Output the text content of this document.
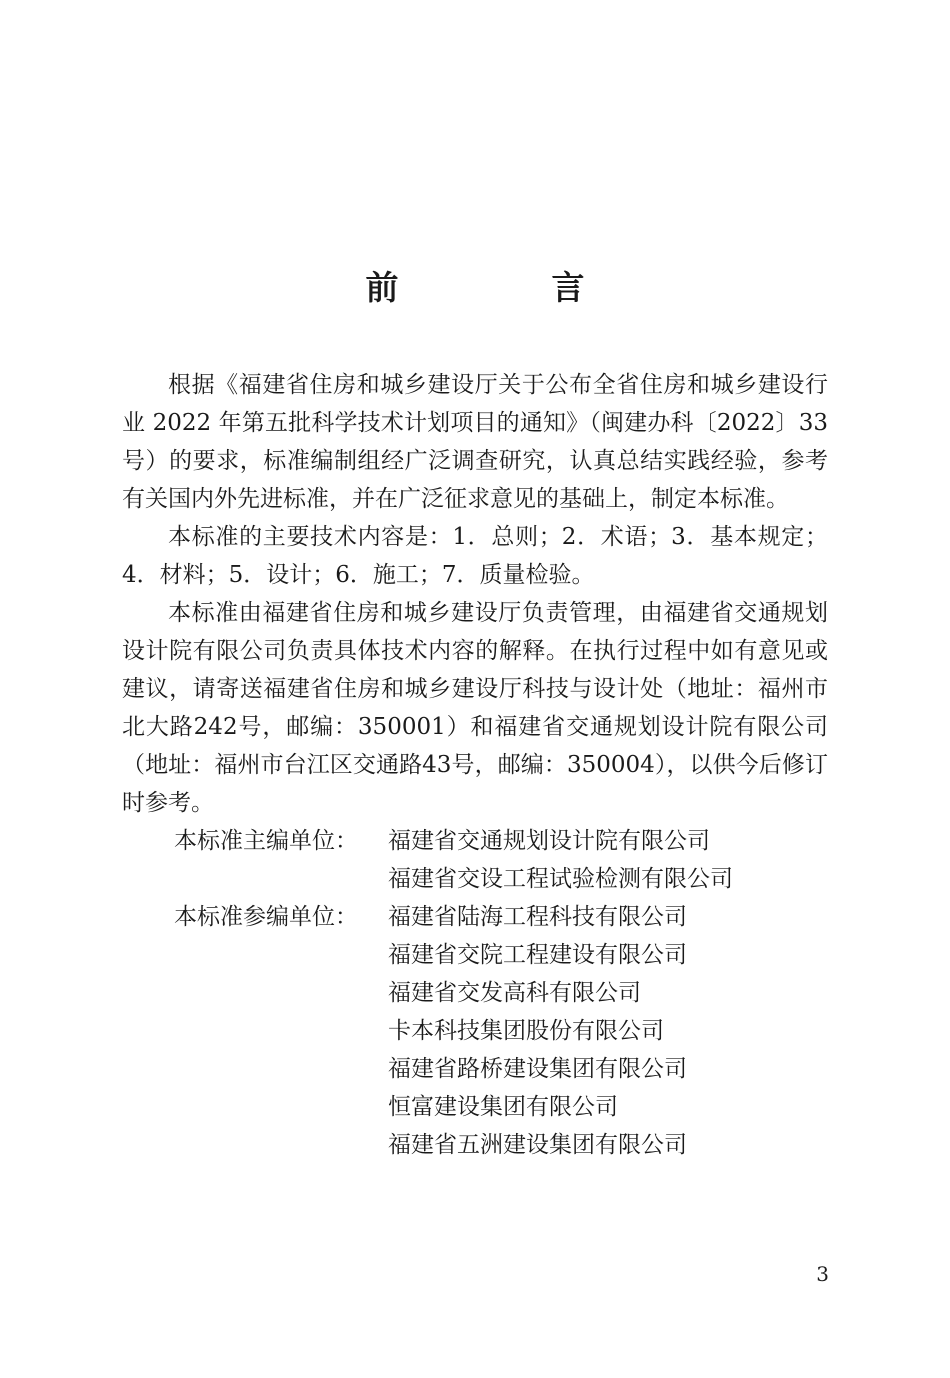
前　言

根据《福建省住房和城乡建设厅关于公布全省住房和城乡建设行业 2022 年第五批科学技术计划项目的通知》（闽建办科〔2022〕33 号）的要求，标准编制组经广泛调查研究，认真总结实践经验，参考有关国内外先进标准，并在广泛征求意见的基础上，制定本标准。

本标准的主要技术内容是：1．总则；2．术语；3．基本规定；4．材料；5．设计；6．施工；7．质量检验。

本标准由福建省住房和城乡建设厅负责管理，由福建省交通规划设计院有限公司负责具体技术内容的解释。在执行过程中如有意见或建议，请寄送福建省住房和城乡建设厅科技与设计处（地址：福州市北大路242号，邮编：350001）和福建省交通规划设计院有限公司（地址：福州市台江区交通路43号，邮编：350004），以供今后修订时参考。

本标准主编单位：	福建省交通规划设计院有限公司
福建省交设工程试验检测有限公司
本标准参编单位：	福建省陆海工程科技有限公司
福建省交院工程建设有限公司
福建省交发高科有限公司
卡本科技集团股份有限公司
福建省路桥建设集团有限公司
恒富建设集团有限公司
福建省五洲建设集团有限公司
3
